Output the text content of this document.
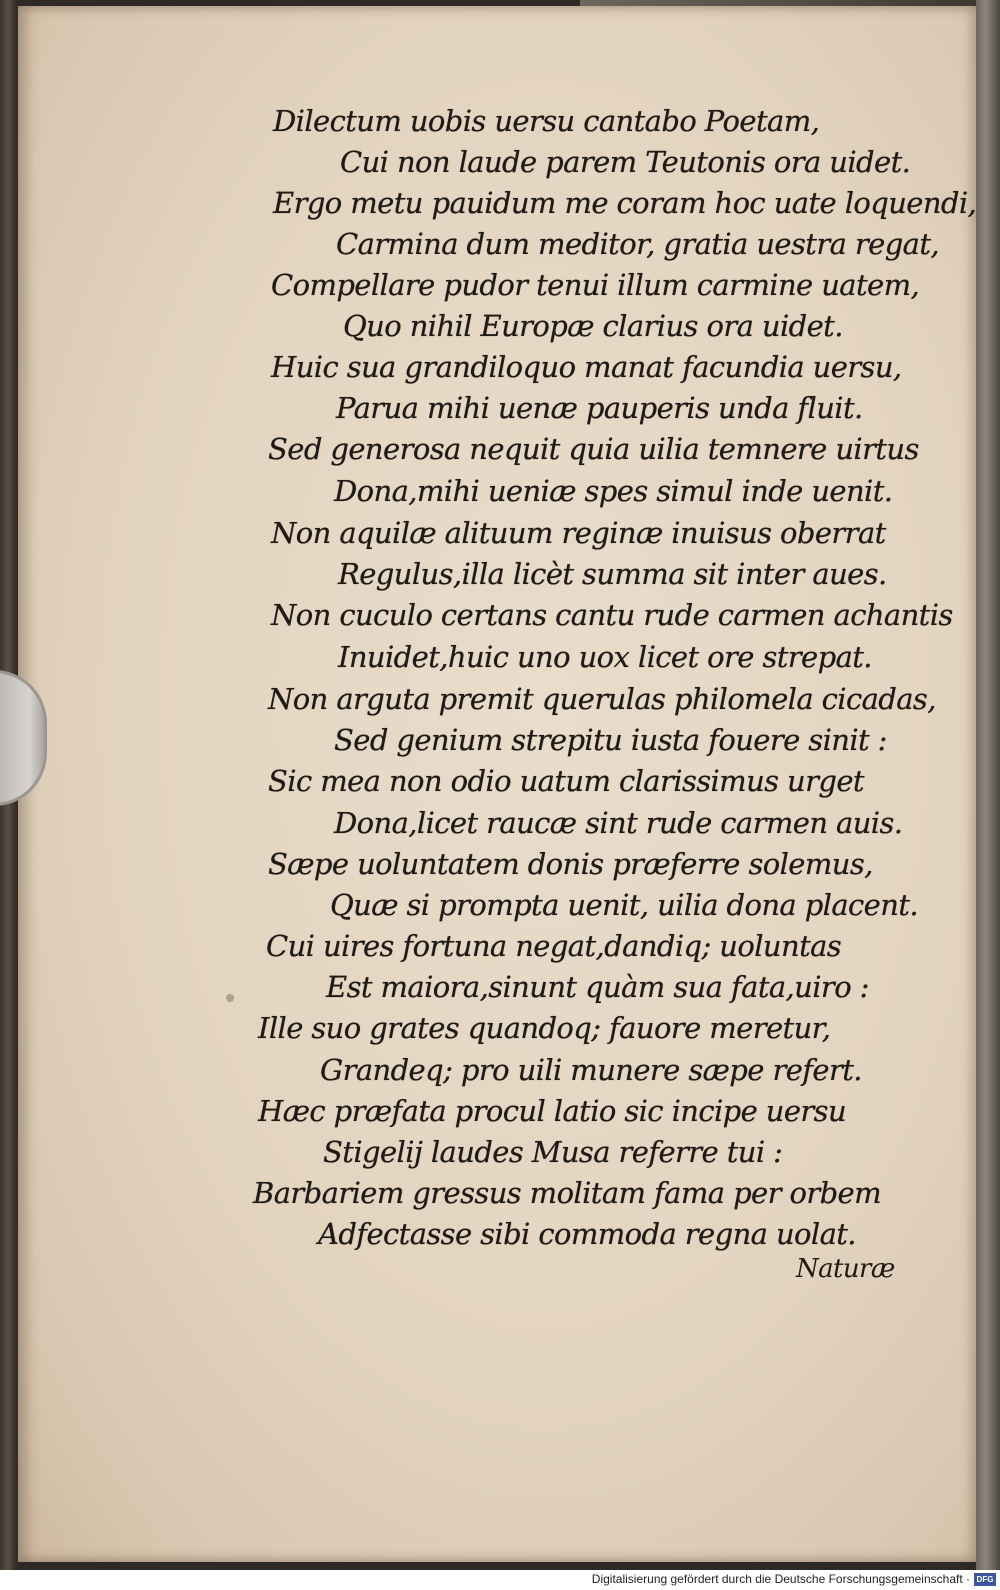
Dilectum uobis uersu cantabo Poetam,
Cui non laude parem Teutonis ora uidet.
Ergo metu pauidum me coram hoc uate loquendi,
Carmina dum meditor, gratia uestra regat,
Compellare pudor tenui illum carmine uatem,
Quo nihil Europæ clarius ora uidet.
Huic sua grandiloquo manat facundia uersu,
Parua mihi uenæ pauperis unda fluit.
Sed generosa nequit quia uilia temnere uirtus
Dona,mihi ueniæ spes simul inde uenit.
Non aquilæ alituum reginæ inuisus oberrat
Regulus,illa licèt summa sit inter aues.
Non cuculo certans cantu rude carmen achantis
Inuidet,huic uno uox licet ore strepat.
Non arguta premit querulas philomela cicadas,
Sed genium strepitu iusta fouere sinit :
Sic mea non odio uatum clarissimus urget
Dona,licet raucæ sint rude carmen auis.
Sæpe uoluntatem donis præferre solemus,
Quæ si prompta uenit, uilia dona placent.
Cui uires fortuna negat,dandiq; uoluntas
Est maiora,sinunt quàm sua fata,uiro :
Ille suo grates quandoq; fauore meretur,
Grandeq; pro uili munere sæpe refert.
Hæc præfata procul latio sic incipe uersu
Stigelij laudes Musa referre tui :
Barbariem gressus molitam fama per orbem
Adfectasse sibi commoda regna uolat.
Naturæ
Digitalisierung gefördert durch die Deutsche Forschungsgemeinschaft · DFG
